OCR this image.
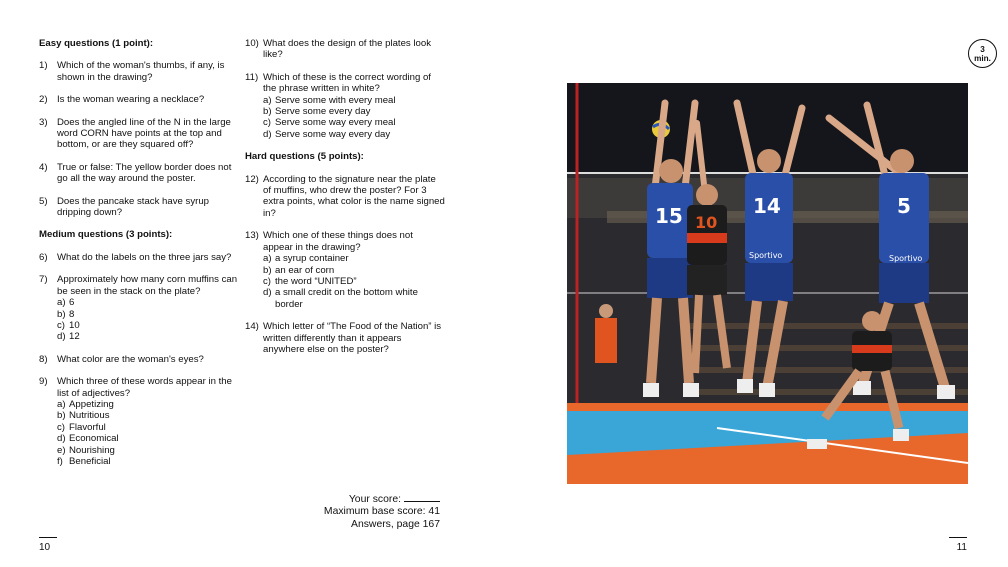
Easy questions (1 point):
1) Which of the woman's thumbs, if any, is shown in the drawing?
2) Is the woman wearing a necklace?
3) Does the angled line of the N in the large word CORN have points at the top and bottom, or are they squared off?
4) True or false: The yellow border does not go all the way around the poster.
5) Does the pancake stack have syrup dripping down?
Medium questions (3 points):
6) What do the labels on the three jars say?
7) Approximately how many corn muffins can be seen in the stack on the plate?
a) 6
b) 8
c) 10
d) 12
8) What color are the woman's eyes?
9) Which three of these words appear in the list of adjectives?
a) Appetizing
b) Nutritious
c) Flavorful
d) Economical
e) Nourishing
f) Beneficial
10) What does the design of the plates look like?
11) Which of these is the correct wording of the phrase written in white?
a) Serve some with every meal
b) Serve some every day
c) Serve some way every meal
d) Serve some way every day
Hard questions (5 points):
12) According to the signature near the plate of muffins, who drew the poster? For 3 extra points, what color is the name signed in?
13) Which one of these things does not appear in the drawing?
a) a syrup container
b) an ear of corn
c) the word “UNITED”
d) a small credit on the bottom white border
14) Which letter of “The Food of the Nation” is written differently than it appears anywhere else on the poster?
Your score:
Maximum base score: 41
Answers, page 167
10
3
min.
15 10
14
Sportivo
5
Sportivo
11
